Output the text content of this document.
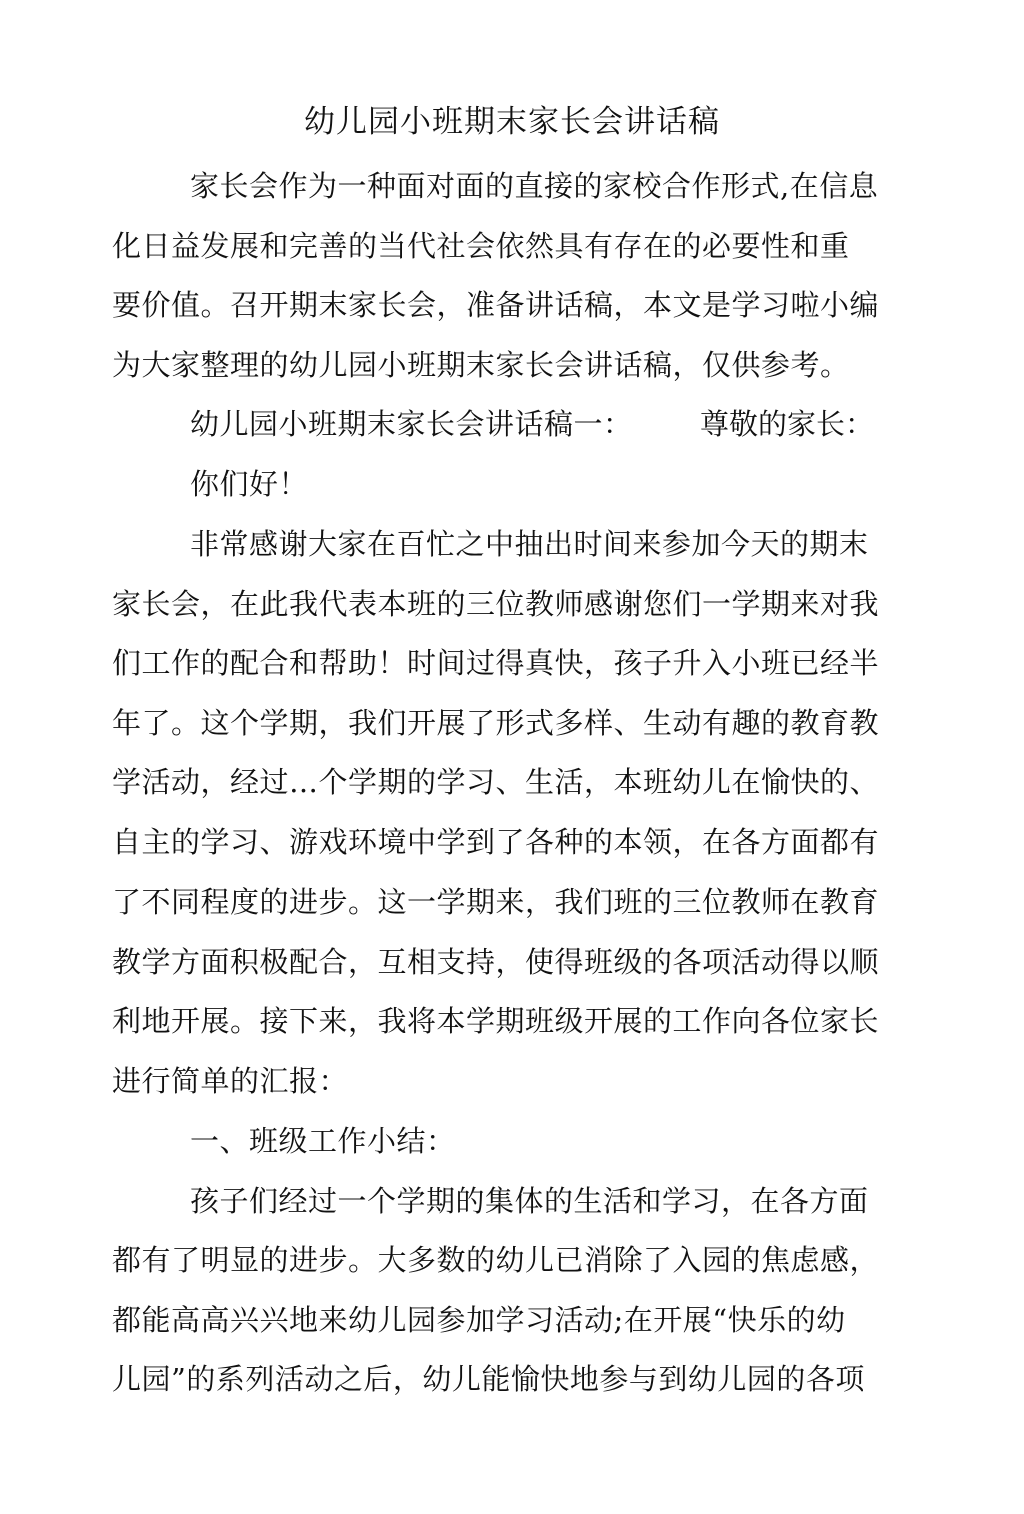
幼儿园小班期末家长会讲话稿

家长会作为一种面对面的直接的家校合作形式,在信息

化日益发展和完善的当代社会依然具有存在的必要性和重

要价值。召开期末家长会，准备讲话稿，本文是学习啦小编

为大家整理的幼儿园小班期末家长会讲话稿，仅供参考。

幼儿园小班期末家长会讲话稿一：	尊敬的家长：

你们好！

非常感谢大家在百忙之中抽出时间来参加今天的期末

家长会，在此我代表本班的三位教师感谢您们一学期来对我

们工作的配合和帮助！时间过得真快，孩子升入小班已经半

年了。这个学期，我们开展了形式多样、生动有趣的教育教

学活动，经过…个学期的学习、生活，本班幼儿在愉快的、

自主的学习、游戏环境中学到了各种的本领，在各方面都有

了不同程度的进步。这一学期来，我们班的三位教师在教育

教学方面积极配合，互相支持，使得班级的各项活动得以顺

利地开展。接下来，我将本学期班级开展的工作向各位家长

进行简单的汇报：

一、班级工作小结：

孩子们经过一个学期的集体的生活和学习，在各方面

都有了明显的进步。大多数的幼儿已消除了入园的焦虑感，

都能高高兴兴地来幼儿园参加学习活动;在开展“快乐的幼

儿园”的系列活动之后，幼儿能愉快地参与到幼儿园的各项
